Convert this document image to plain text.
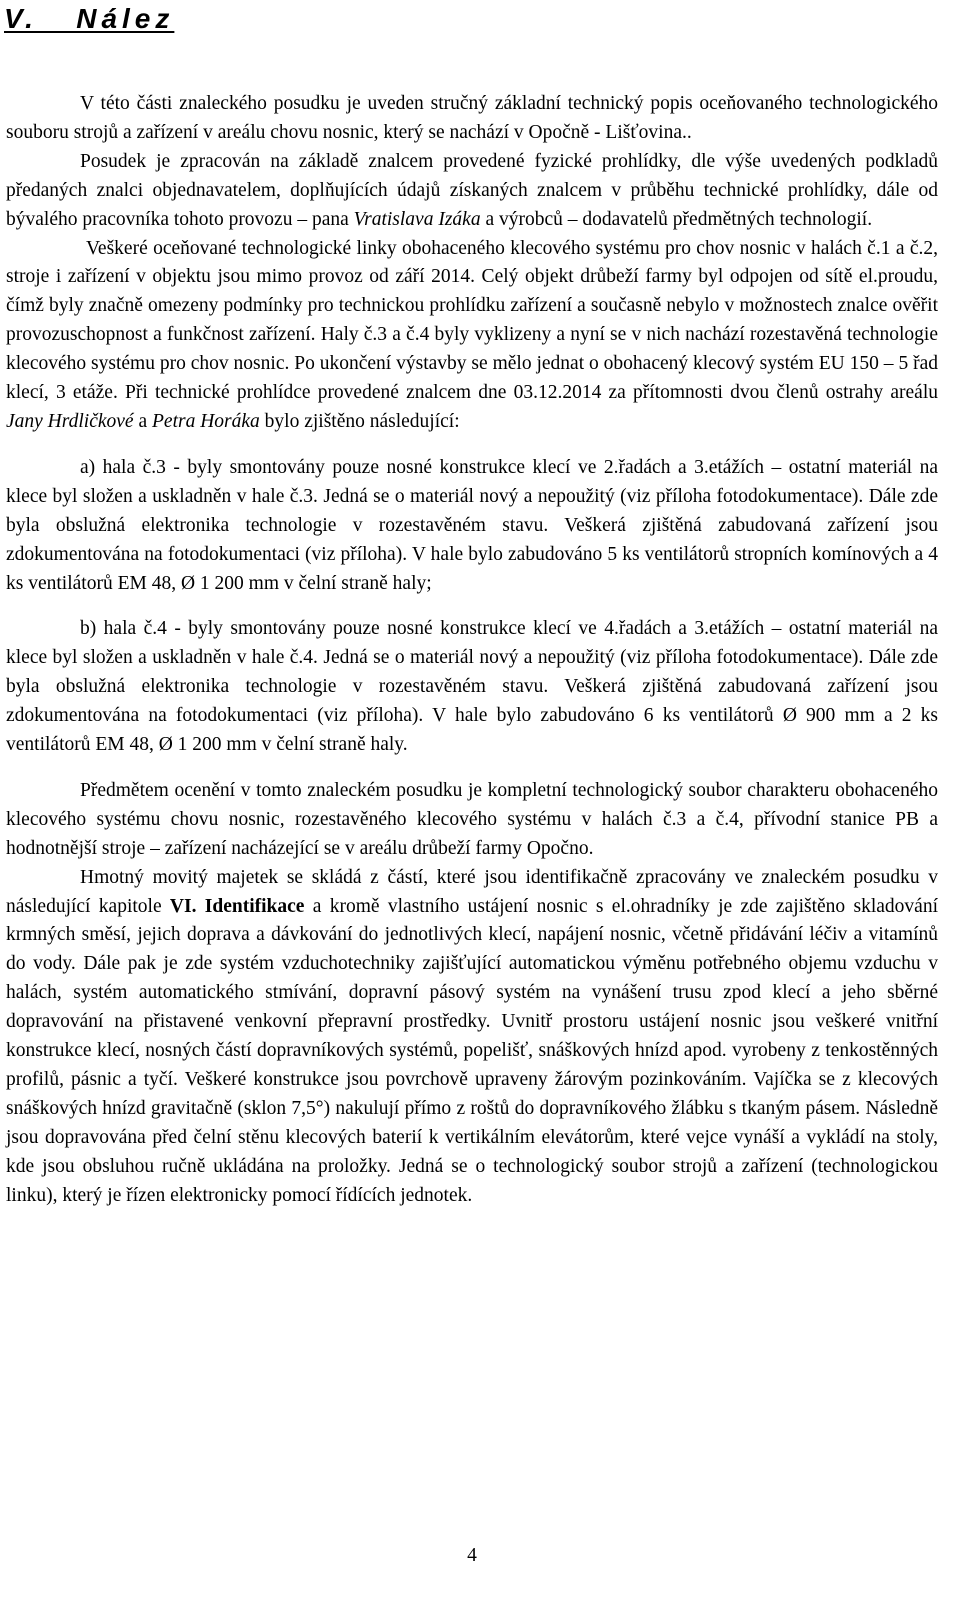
V.   Nález

V této části znaleckého posudku je uveden stručný základní technický popis oceňovaného technologického souboru strojů a zařízení v areálu chovu nosnic, který se nachází v Opočně - Lišťovina..

Posudek je zpracován na základě znalcem provedené fyzické prohlídky, dle výše uvedených podkladů předaných znalci objednavatelem, doplňujících údajů získaných znalcem v průběhu technické prohlídky, dále od bývalého pracovníka tohoto provozu – pana Vratislava Izáka a výrobců – dodavatelů předmětných technologií.

Veškeré oceňované technologické linky obohaceného klecového systému pro chov nosnic v halách č.1 a č.2, stroje i zařízení v objektu jsou mimo provoz od září 2014. Celý objekt drůbeží farmy byl odpojen od sítě el.proudu, čímž byly značně omezeny podmínky pro technickou prohlídku zařízení a současně nebylo v možnostech znalce ověřit provozuschopnost a funkčnost zařízení. Haly č.3 a č.4 byly vyklizeny a nyní se v nich nachází rozestavěná technologie klecového systému pro chov nosnic. Po ukončení výstavby se mělo jednat o obohacený klecový systém EU 150 – 5 řad klecí, 3 etáže. Při technické prohlídce provedené znalcem dne 03.12.2014 za přítomnosti dvou členů ostrahy areálu Jany Hrdličkové a Petra Horáka bylo zjištěno následující:

a) hala č.3 - byly smontovány pouze nosné konstrukce klecí ve 2.řadách a 3.etážích – ostatní materiál na klece byl složen a uskladněn v hale č.3. Jedná se o materiál nový a nepoužitý (viz příloha fotodokumentace). Dále zde byla obslužná elektronika technologie v rozestavěném stavu. Veškerá zjištěná zabudovaná zařízení jsou zdokumentována na fotodokumentaci (viz příloha). V hale bylo zabudováno 5 ks ventilátorů stropních komínových a 4 ks ventilátorů EM 48, Ø 1 200 mm v čelní straně haly;

b) hala č.4 - byly smontovány pouze nosné konstrukce klecí ve 4.řadách a 3.etážích – ostatní materiál na klece byl složen a uskladněn v hale č.4. Jedná se o materiál nový a nepoužitý (viz příloha fotodokumentace). Dále zde byla obslužná elektronika technologie v rozestavěném stavu. Veškerá zjištěná zabudovaná zařízení jsou zdokumentována na fotodokumentaci (viz příloha). V hale bylo zabudováno 6 ks ventilátorů Ø 900 mm a 2 ks ventilátorů EM 48, Ø 1 200 mm v čelní straně haly.

Předmětem ocenění v tomto znaleckém posudku je kompletní technologický soubor charakteru obohaceného klecového systému chovu nosnic, rozestavěného klecového systému v halách č.3 a č.4, přívodní stanice PB a hodnotnější stroje – zařízení nacházející se v areálu drůbeží farmy Opočno.

Hmotný movitý majetek se skládá z částí, které jsou identifikačně zpracovány ve znaleckém posudku v následující kapitole VI. Identifikace a kromě vlastního ustájení nosnic s el.ohradníky je zde zajištěno skladování krmných směsí, jejich doprava a dávkování do jednotlivých klecí, napájení nosnic, včetně přidávání léčiv a vitamínů do vody. Dále pak je zde systém vzduchotechniky zajišťující automatickou výměnu potřebného objemu vzduchu v halách, systém automatického stmívání, dopravní pásový systém na vynášení trusu zpod klecí a jeho sběrné dopravování na přistavené venkovní přepravní prostředky. Uvnitř prostoru ustájení nosnic jsou veškeré vnitřní konstrukce klecí, nosných částí dopravníkových systémů, popelišť, snáškových hnízd apod. vyrobeny z tenkostěnných profilů, pásnic a tyčí. Veškeré konstrukce jsou povrchově upraveny žárovým pozinkováním. Vajíčka se z klecových snáškových hnízd gravitačně (sklon 7,5°) nakulují přímo z roštů do dopravníkového žlábku s tkaným pásem. Následně jsou dopravována před čelní stěnu klecových baterií k vertikálním elevátorům, které vejce vynáší a vykládí na stoly, kde jsou obsluhou ručně ukládána na proložky. Jedná se o technologický soubor strojů a zařízení (technologickou linku), který je řízen elektronicky pomocí řídících jednotek.

4
